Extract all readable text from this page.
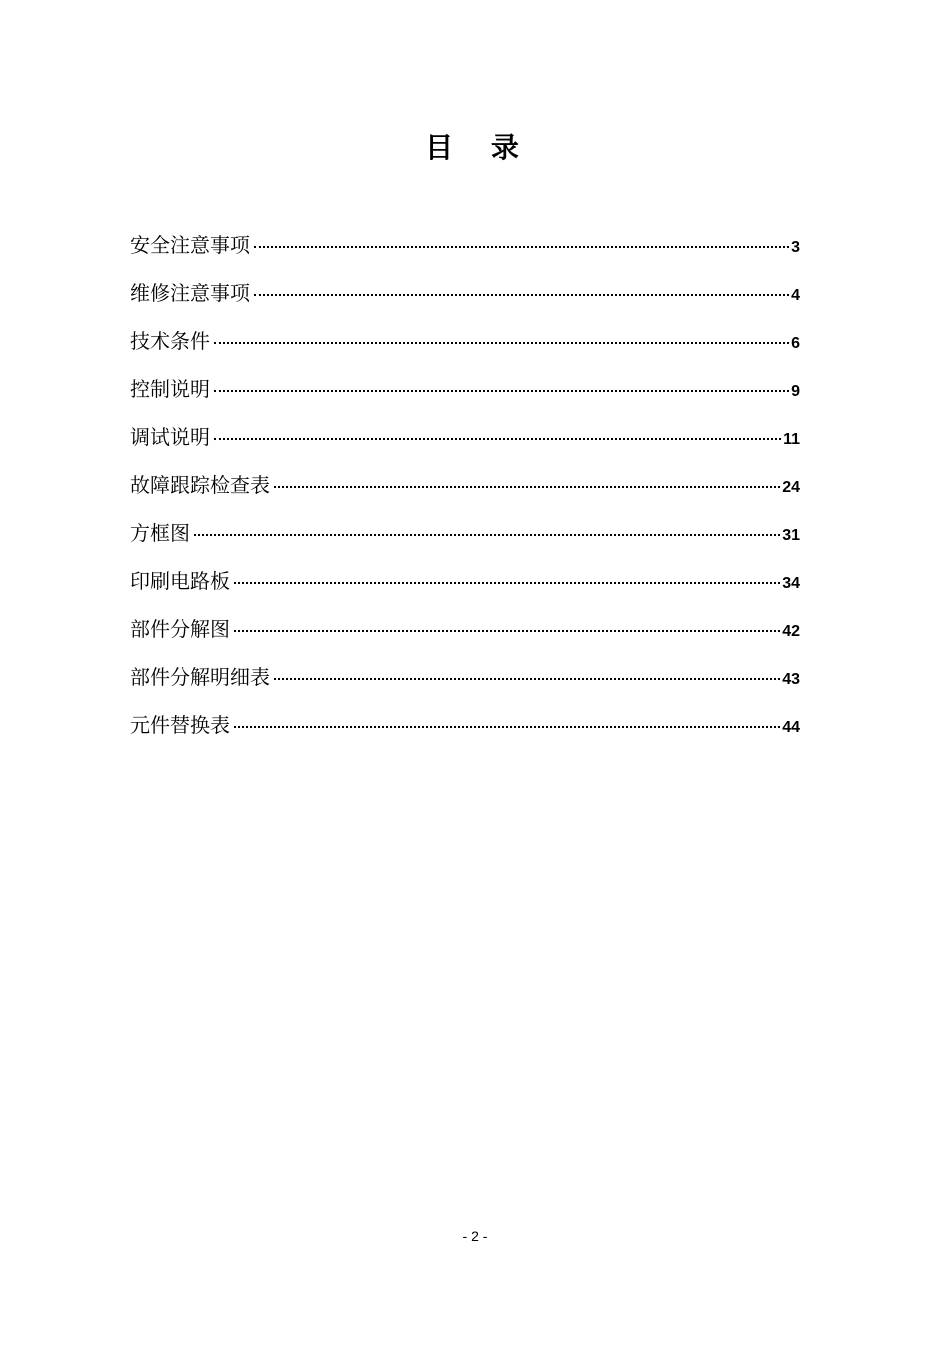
目 录
安全注意事项	3
维修注意事项	4
技术条件	6
控制说明	9
调试说明	11
故障跟踪检查表	24
方框图	31
印刷电路板	34
部件分解图	42
部件分解明细表	43
元件替换表	44
- 2 -
